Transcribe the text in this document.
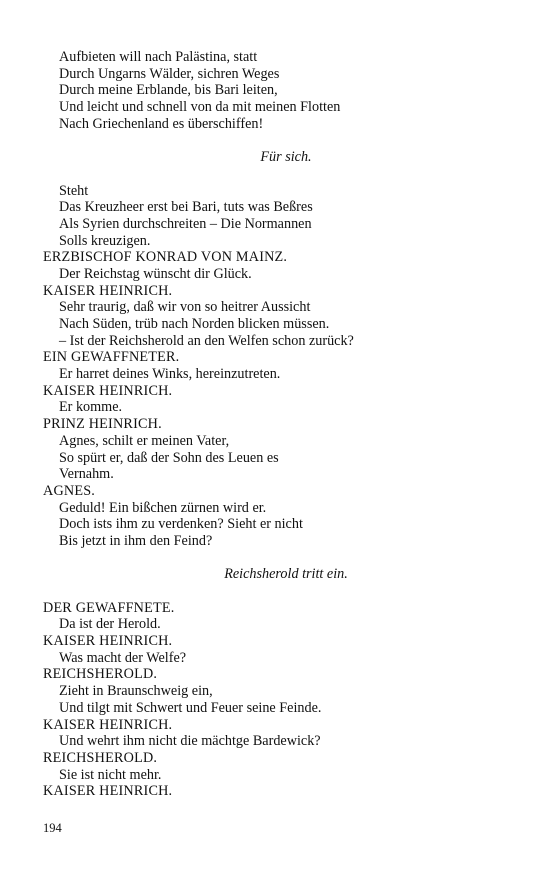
Aufbieten will nach Palästina, statt
Durch Ungarns Wälder, sichren Weges
Durch meine Erblande, bis Bari leiten,
Und leicht und schnell von da mit meinen Flotten
Nach Griechenland es überschiffen!
Für sich.
Steht
Das Kreuzheer erst bei Bari, tuts was Beßres
Als Syrien durchschreiten – Die Normannen
Solls kreuzigen.
ERZBISCHOF KONRAD VON MAINZ.
Der Reichstag wünscht dir Glück.
KAISER HEINRICH.
Sehr traurig, daß wir von so heitrer Aussicht
Nach Süden, trüb nach Norden blicken müssen.
– Ist der Reichsherold an den Welfen schon zurück?
EIN GEWAFFNETER.
Er harret deines Winks, hereinzutreten.
KAISER HEINRICH.
Er komme.
PRINZ HEINRICH.
Agnes, schilt er meinen Vater,
So spürt er, daß der Sohn des Leuen es
Vernahm.
AGNES.
Geduld! Ein bißchen zürnen wird er.
Doch ists ihm zu verdenken? Sieht er nicht
Bis jetzt in ihm den Feind?
Reichsherold tritt ein.
DER GEWAFFNETE.
Da ist der Herold.
KAISER HEINRICH.
Was macht der Welfe?
REICHSHEROLD.
Zieht in Braunschweig ein,
Und tilgt mit Schwert und Feuer seine Feinde.
KAISER HEINRICH.
Und wehrt ihm nicht die mächtge Bardewick?
REICHSHEROLD.
Sie ist nicht mehr.
KAISER HEINRICH.
194
